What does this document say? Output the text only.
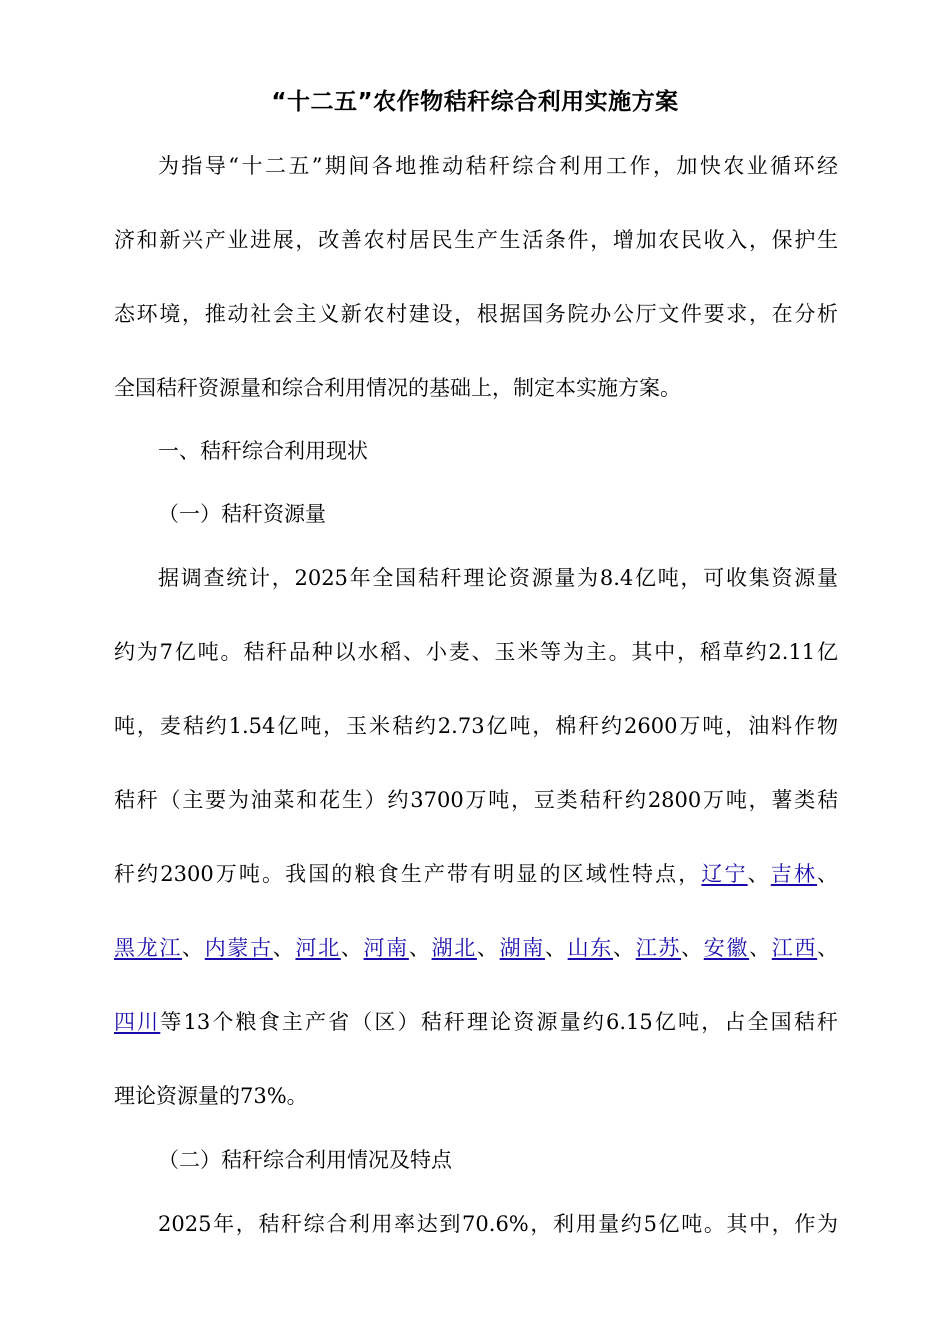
“十二五”农作物秸秆综合利用实施方案
为指导“十二五”期间各地推动秸秆综合利用工作，加快农业循环经
济和新兴产业进展，改善农村居民生产生活条件，增加农民收入，保护生
态环境，推动社会主义新农村建设，根据国务院办公厅文件要求，在分析
全国秸秆资源量和综合利用情况的基础上，制定本实施方案。
一、秸秆综合利用现状
（一）秸秆资源量
据调查统计，2025年全国秸秆理论资源量为8.4亿吨，可收集资源量
约为7亿吨。秸秆品种以水稻、小麦、玉米等为主。其中，稻草约2.11亿
吨，麦秸约1.54亿吨，玉米秸约2.73亿吨，棉秆约2600万吨，油料作物
秸秆（主要为油菜和花生）约3700万吨，豆类秸秆约2800万吨，薯类秸
秆约2300万吨。我国的粮食生产带有明显的区域性特点，辽宁、吉林、
黑龙江、内蒙古、河北、河南、湖北、湖南、山东、江苏、安徽、江西、
四川等13个粮食主产省（区）秸秆理论资源量约6.15亿吨，占全国秸秆
理论资源量的73%。
（二）秸秆综合利用情况及特点
2025年，秸秆综合利用率达到70.6%，利用量约5亿吨。其中，作为
